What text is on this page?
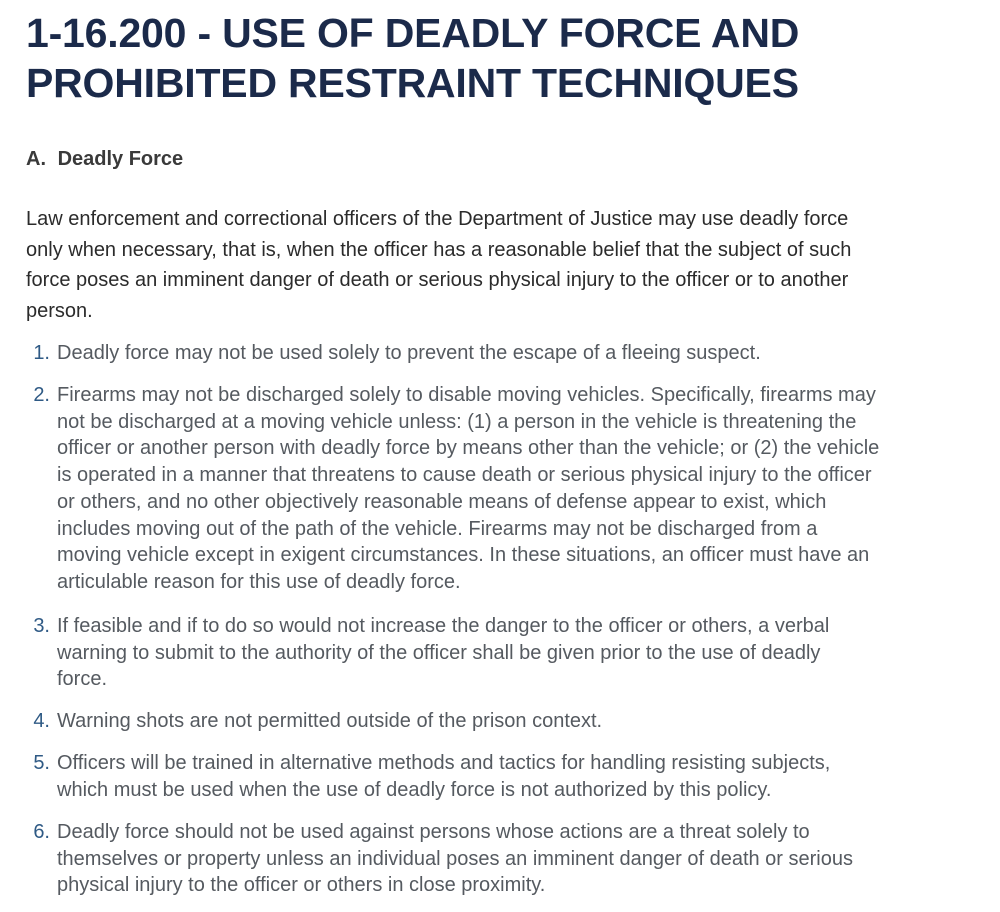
1-16.200 - USE OF DEADLY FORCE AND
PROHIBITED RESTRAINT TECHNIQUES
A. Deadly Force

Law enforcement and correctional officers of the Department of Justice may use deadly force
only when necessary, that is, when the officer has a reasonable belief that the subject of such
force poses an imminent danger of death or serious physical injury to the officer or to another
person.

1. Deadly force may not be used solely to prevent the escape of a fleeing suspect.
2. Firearms may not be discharged solely to disable moving vehicles. Specifically, firearms may
not be discharged at a moving vehicle unless: (1) a person in the vehicle is threatening the
officer or another person with deadly force by means other than the vehicle; or (2) the vehicle
is operated in a manner that threatens to cause death or serious physical injury to the officer
or others, and no other objectively reasonable means of defense appear to exist, which
includes moving out of the path of the vehicle. Firearms may not be discharged from a
moving vehicle except in exigent circumstances. In these situations, an officer must have an
articulable reason for this use of deadly force.
3. If feasible and if to do so would not increase the danger to the officer or others, a verbal
warning to submit to the authority of the officer shall be given prior to the use of deadly
force.
4. Warning shots are not permitted outside of the prison context.
5. Officers will be trained in alternative methods and tactics for handling resisting subjects,
which must be used when the use of deadly force is not authorized by this policy.
6. Deadly force should not be used against persons whose actions are a threat solely to
themselves or property unless an individual poses an imminent danger of death or serious
physical injury to the officer or others in close proximity.
